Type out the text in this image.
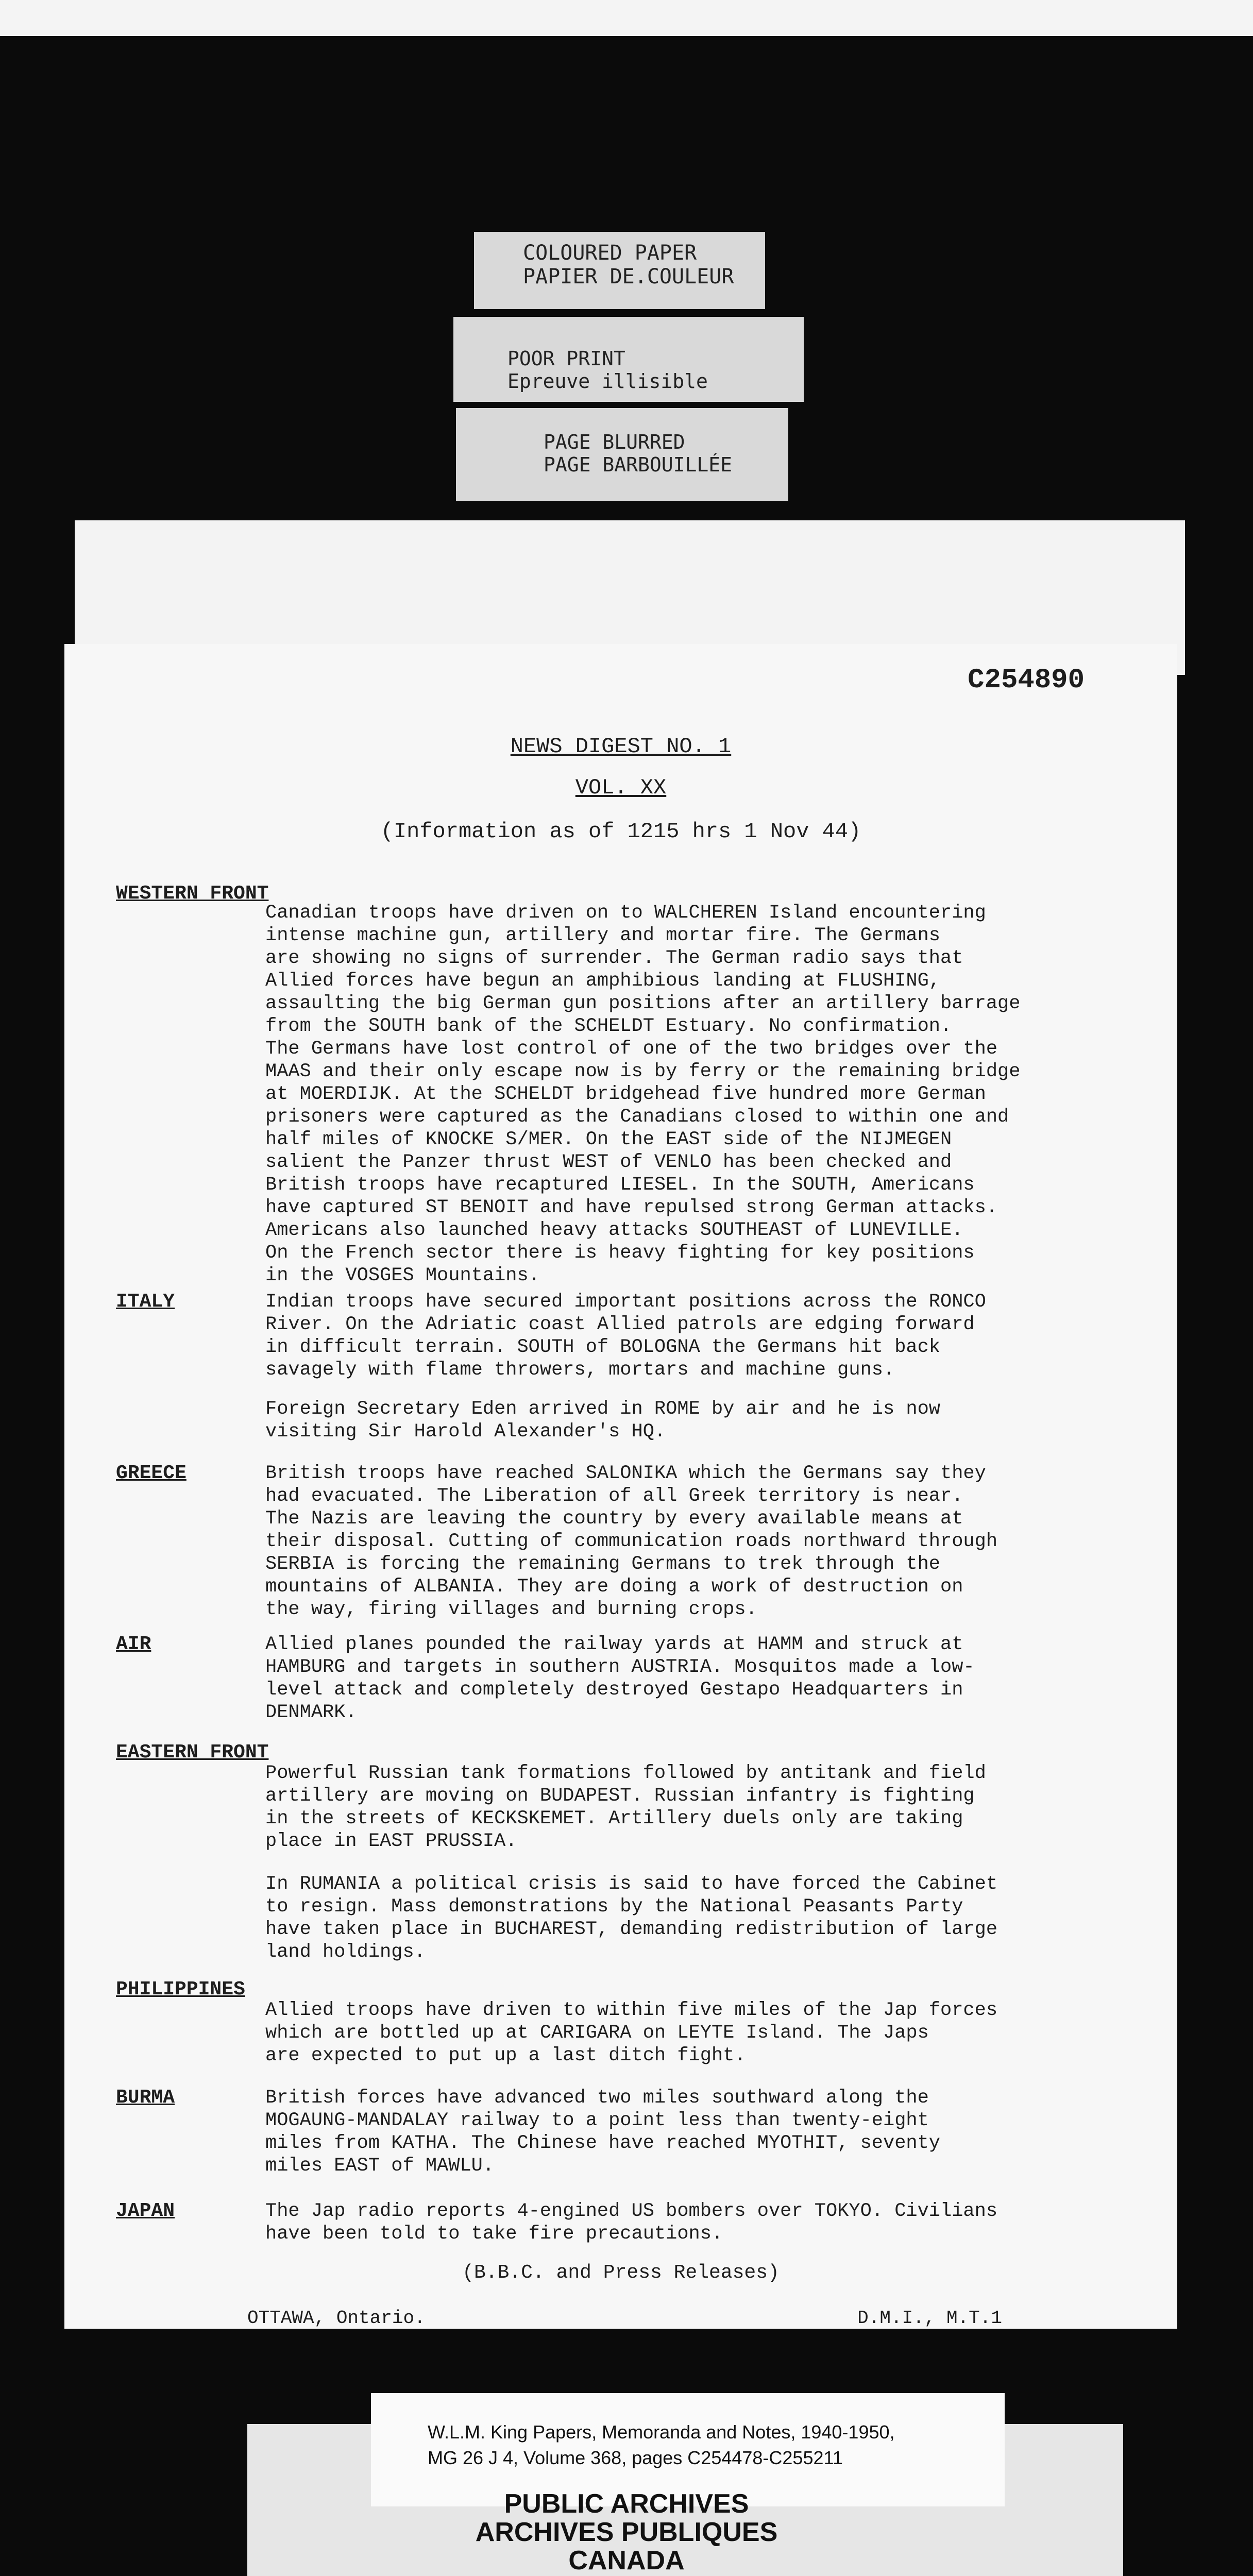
COLOURED PAPER
PAPIER DE.COULEUR
POOR PRINT
Epreuve illisible
PAGE BLURRED
PAGE BARBOUILLÉE
C254890
NEWS DIGEST NO. 1
VOL. XX
(Information as of 1215 hrs 1 Nov 44)
WESTERN FRONT
Canadian troops have driven on to WALCHEREN Island encountering
intense machine gun, artillery and mortar fire. The Germans
are showing no signs of surrender. The German radio says that
Allied forces have begun an amphibious landing at FLUSHING,
assaulting the big German gun positions after an artillery barrage
from the SOUTH bank of the SCHELDT Estuary. No confirmation.
The Germans have lost control of one of the two bridges over the
MAAS and their only escape now is by ferry or the remaining bridge
at MOERDIJK. At the SCHELDT bridgehead five hundred more German
prisoners were captured as the Canadians closed to within one and
half miles of KNOCKE S/MER. On the EAST side of the NIJMEGEN
salient the Panzer thrust WEST of VENLO has been checked and
British troops have recaptured LIESEL. In the SOUTH, Americans
have captured ST BENOIT and have repulsed strong German attacks.
Americans also launched heavy attacks SOUTHEAST of LUNEVILLE.
On the French sector there is heavy fighting for key positions
in the VOSGES Mountains.
ITALY	Indian troops have secured important positions across the RONCO
River. On the Adriatic coast Allied patrols are edging forward
in difficult terrain. SOUTH of BOLOGNA the Germans hit back
savagely with flame throwers, mortars and machine guns.
Foreign Secretary Eden arrived in ROME by air and he is now
visiting Sir Harold Alexander's HQ.
GREECE	British troops have reached SALONIKA which the Germans say they
had evacuated. The Liberation of all Greek territory is near.
The Nazis are leaving the country by every available means at
their disposal. Cutting of communication roads northward through
SERBIA is forcing the remaining Germans to trek through the
mountains of ALBANIA. They are doing a work of destruction on
the way, firing villages and burning crops.
AIR	Allied planes pounded the railway yards at HAMM and struck at
HAMBURG and targets in southern AUSTRIA. Mosquitos made a low-
level attack and completely destroyed Gestapo Headquarters in
DENMARK.
EASTERN FRONT
Powerful Russian tank formations followed by antitank and field
artillery are moving on BUDAPEST. Russian infantry is fighting
in the streets of KECKSKEMET. Artillery duels only are taking
place in EAST PRUSSIA.
In RUMANIA a political crisis is said to have forced the Cabinet
to resign. Mass demonstrations by the National Peasants Party
have taken place in BUCHAREST, demanding redistribution of large
land holdings.
PHILIPPINES
Allied troops have driven to within five miles of the Jap forces
which are bottled up at CARIGARA on LEYTE Island. The Japs
are expected to put up a last ditch fight.
BURMA	British forces have advanced two miles southward along the
MOGAUNG-MANDALAY railway to a point less than twenty-eight
miles from KATHA. The Chinese have reached MYOTHIT, seventy
miles EAST of MAWLU.
JAPAN	The Jap radio reports 4-engined US bombers over TOKYO. Civilians
have been told to take fire precautions.
(B.B.C. and Press Releases)
OTTAWA, Ontario.	D.M.I., M.T.1
W.L.M. King Papers, Memoranda and Notes, 1940-1950,
MG 26 J 4, Volume 368, pages C254478-C255211
PUBLIC ARCHIVES
ARCHIVES PUBLIQUES
CANADA
